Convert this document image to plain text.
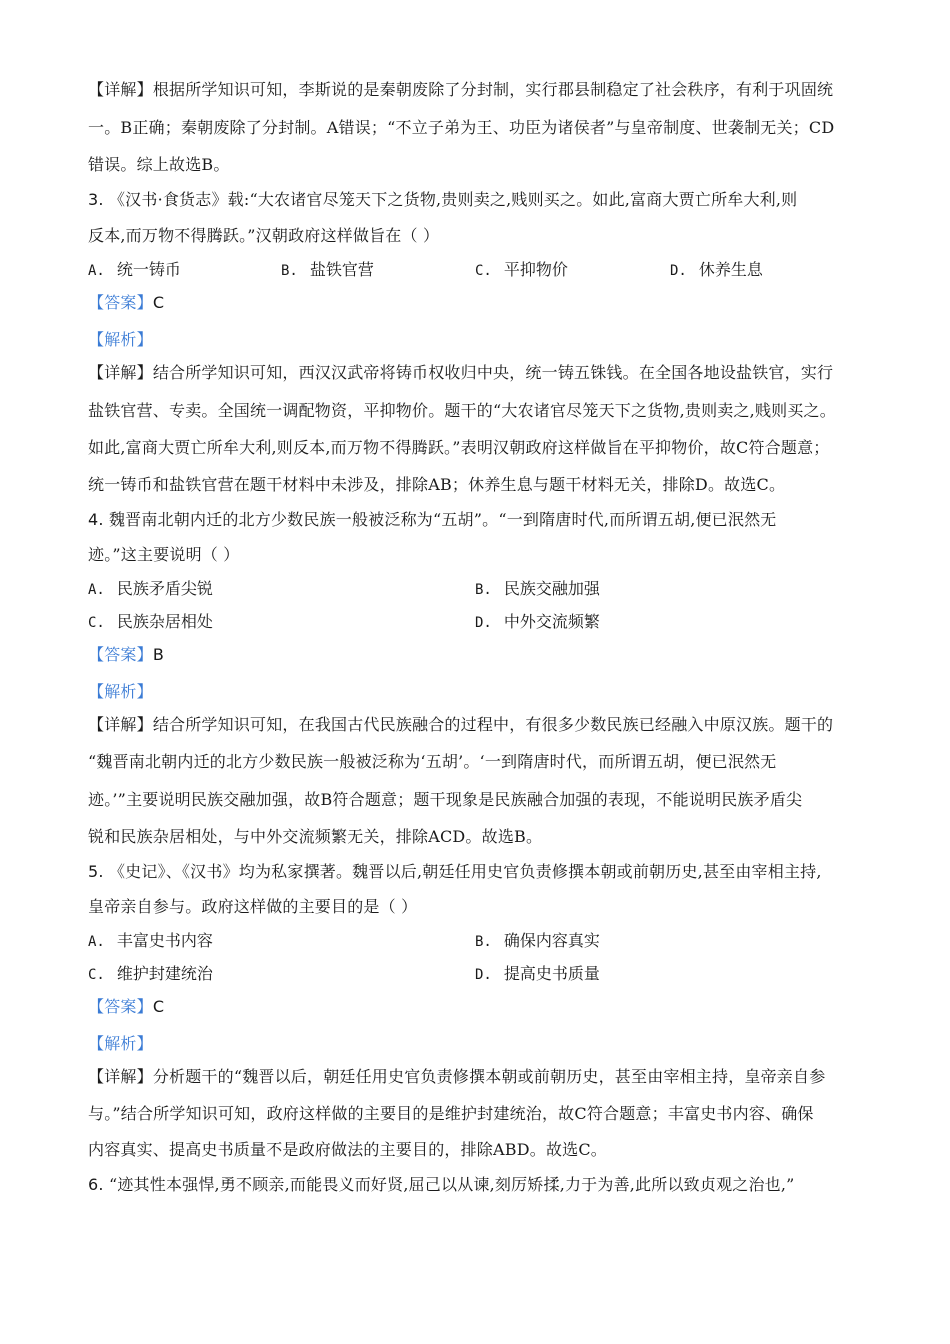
【详解】根据所学知识可知，李斯说的是秦朝废除了分封制，实行郡县制稳定了社会秩序，有利于巩固统
一。B正确；秦朝废除了分封制。A错误；“不立子弟为王、功臣为诸侯者”与皇帝制度、世袭制无关；CD
错误。综上故选B。
3. 《汉书·食货志》载:“大农诸官尽笼天下之货物,贵则卖之,贱则买之。如此,富商大贾亡所牟大利,则
反本,而万物不得腾跃。”汉朝政府这样做旨在（ ）
A. 统一铸币	B. 盐铁官营	C. 平抑物价	D. 休养生息
【答案】C
【解析】
【详解】结合所学知识可知，西汉汉武帝将铸币权收归中央，统一铸五铢钱。在全国各地设盐铁官，实行
盐铁官营、专卖。全国统一调配物资，平抑物价。题干的“大农诸官尽笼天下之货物,贵则卖之,贱则买之。
如此,富商大贾亡所牟大利,则反本,而万物不得腾跃。”表明汉朝政府这样做旨在平抑物价，故C符合题意；
统一铸币和盐铁官营在题干材料中未涉及，排除AB；休养生息与题干材料无关，排除D。故选C。
4. 魏晋南北朝内迁的北方少数民族一般被泛称为“五胡”。“一到隋唐时代,而所谓五胡,便已泯然无
迹。”这主要说明（ ）
A. 民族矛盾尖锐	B. 民族交融加强
C. 民族杂居相处	D. 中外交流频繁
【答案】B
【解析】
【详解】结合所学知识可知，在我国古代民族融合的过程中，有很多少数民族已经融入中原汉族。题干的
“魏晋南北朝内迁的北方少数民族一般被泛称为‘五胡’。‘一到隋唐时代，而所谓五胡，便已泯然无
迹。’”主要说明民族交融加强，故B符合题意；题干现象是民族融合加强的表现，不能说明民族矛盾尖
锐和民族杂居相处，与中外交流频繁无关，排除ACD。故选B。
5. 《史记》、《汉书》均为私家撰著。魏晋以后,朝廷任用史官负责修撰本朝或前朝历史,甚至由宰相主持,
皇帝亲自参与。政府这样做的主要目的是（ ）
A. 丰富史书内容	B. 确保内容真实
C. 维护封建统治	D. 提高史书质量
【答案】C
【解析】
【详解】分析题干的“魏晋以后，朝廷任用史官负责修撰本朝或前朝历史，甚至由宰相主持，皇帝亲自参
与。”结合所学知识可知，政府这样做的主要目的是维护封建统治，故C符合题意；丰富史书内容、确保
内容真实、提高史书质量不是政府做法的主要目的，排除ABD。故选C。
6. “迹其性本强悍,勇不顾亲,而能畏义而好贤,屈己以从谏,刻厉矫揉,力于为善,此所以致贞观之治也,”
